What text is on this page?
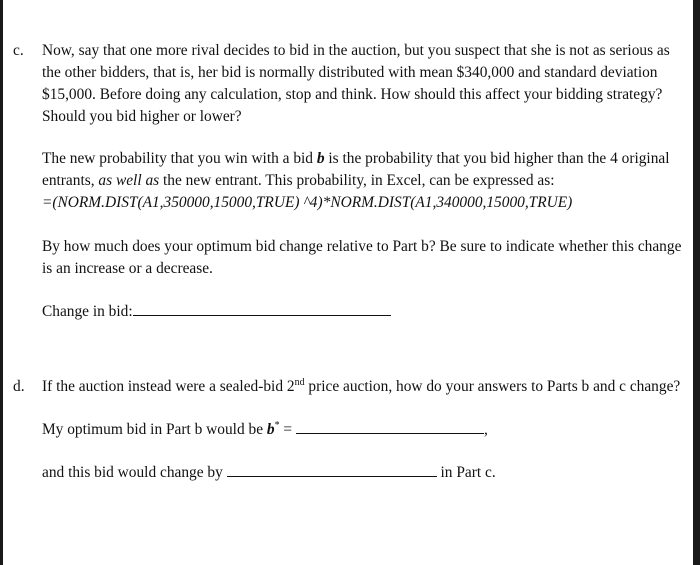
c.	Now, say that one more rival decides to bid in the auction, but you suspect that she is not as serious as the other bidders, that is, her bid is normally distributed with mean $340,000 and standard deviation $15,000. Before doing any calculation, stop and think. How should this affect your bidding strategy? Should you bid higher or lower?

The new probability that you win with a bid b is the probability that you bid higher than the 4 original entrants, as well as the new entrant. This probability, in Excel, can be expressed as:
=(NORM.DIST(A1,350000,15000,TRUE) ^4)*NORM.DIST(A1,340000,15000,TRUE)

By how much does your optimum bid change relative to Part b? Be sure to indicate whether this change is an increase or a decrease.

Change in bid:

d.	If the auction instead were a sealed-bid 2nd price auction, how do your answers to Parts b and c change?

My optimum bid in Part b would be b* =	,

and this bid would change by	in Part c.
